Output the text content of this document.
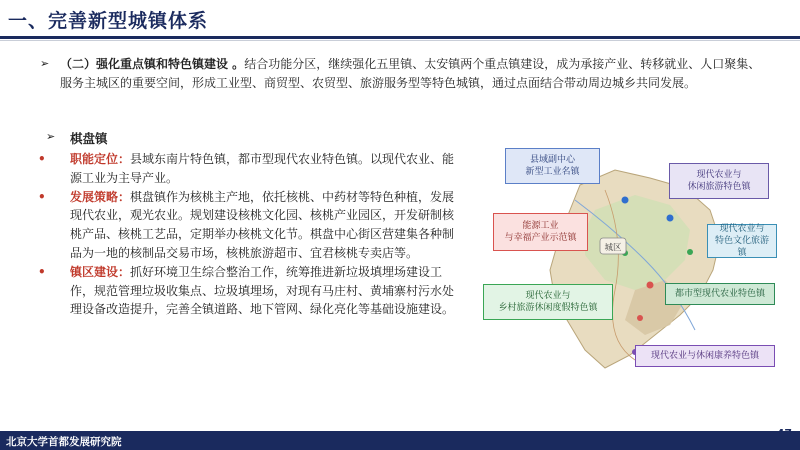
一、完善新型城镇体系
➢ （二）强化重点镇和特色镇建设 。结合功能分区，继续强化五里镇、太安镇两个重点镇建设，成为承接产业、转移就业、人口聚集、服务主城区的重要空间，形成工业型、商贸型、农贸型、旅游服务型等特色城镇，通过点面结合带动周边城乡共同发展。
➢ 棋盘镇
• 职能定位：县域东南片特色镇，都市型现代农业特色镇。以现代农业、能源工业为主导产业。
• 发展策略：棋盘镇作为核桃主产地，依托核桃、中药材等特色种植，发展现代农业，观光农业。规划建设核桃文化园、核桃产业园区，开发研制核桃产品、核桃工艺品，定期举办核桃文化节。棋盘中心街区营建集各种制品为一地的核制品交易市场，核桃旅游超市、宜君核桃专卖店等。
• 镇区建设：抓好环境卫生综合整治工作，统筹推进新垃圾填埋场建设工作，规范管理垃圾收集点、垃圾填埋场，对现有马庄村、黄埔寨村污水处理设备改造提升，完善全镇道路、地下管网、绿化亮化等基础设施建设。
城区
县域副中心
新型工业名镇
能源工业
与幸福产业示范镇
现代农业与
乡村旅游休闲度假特色镇
现代农业与
休闲旅游特色镇
现代农业与
特色文化旅游镇
都市型现代农业特色镇
现代农业与休闲康养特色镇
北京大学首都发展研究院
47
